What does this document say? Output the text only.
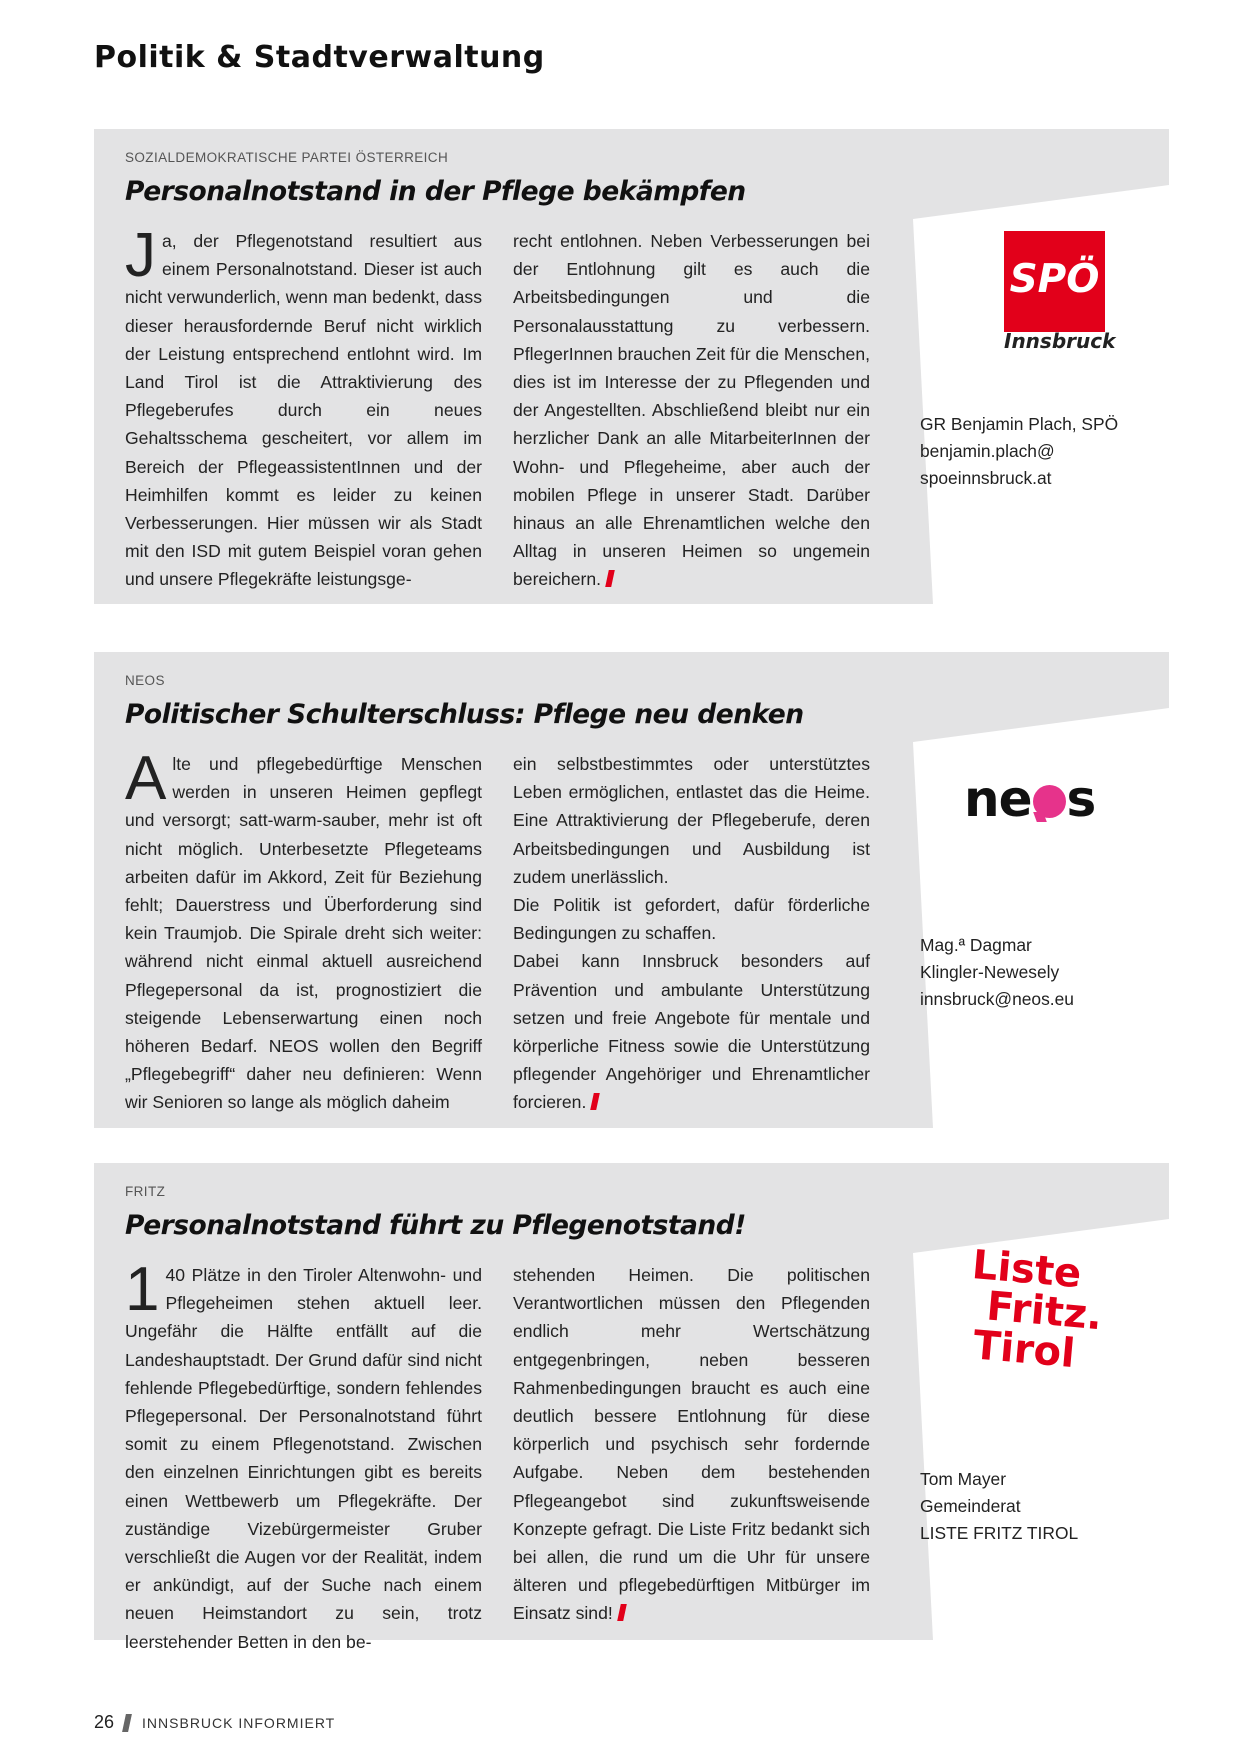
Politik & Stadtverwaltung
SOZIALDEMOKRATISCHE PARTEI ÖSTERREICH
Personalnotstand in der Pflege bekämpfen
Ja, der Pflegenotstand resultiert aus einem Personalnotstand. Dieser ist auch nicht verwunderlich, wenn man bedenkt, dass dieser herausfordernde Beruf nicht wirklich der Leistung entsprechend entlohnt wird. Im Land Tirol ist die Attraktivierung des Pflegeberufes durch ein neues Gehaltsschema gescheitert, vor allem im Bereich der PflegeassistentInnen und der Heimhilfen kommt es leider zu keinen Verbesserungen. Hier müssen wir als Stadt mit den ISD mit gutem Beispiel voran gehen und unsere Pflegekräfte leistungsge-
recht entlohnen. Neben Verbesserungen bei der Entlohnung gilt es auch die Arbeitsbedingungen und die Personalausstattung zu verbessern. PflegerInnen brauchen Zeit für die Menschen, dies ist im Interesse der zu Pflegenden und der Angestellten. Abschließend bleibt nur ein herzlicher Dank an alle MitarbeiterInnen der Wohn- und Pflegeheime, aber auch der mobilen Pflege in unserer Stadt. Darüber hinaus an alle Ehrenamtlichen welche den Alltag in unseren Heimen so ungemein bereichern.
SPÖ
Innsbruck
GR Benjamin Plach, SPÖ
benjamin.plach@
spoeinnsbruck.at
NEOS
Politischer Schulterschluss: Pflege neu denken
Alte und pflegebedürftige Menschen werden in unseren Heimen gepflegt und versorgt; satt-warm-sauber, mehr ist oft nicht möglich. Unterbesetzte Pflegeteams arbeiten dafür im Akkord, Zeit für Beziehung fehlt; Dauerstress und Überforderung sind kein Traumjob. Die Spirale dreht sich weiter: während nicht einmal aktuell ausreichend Pflegepersonal da ist, prognostiziert die steigende Lebenserwartung einen noch höheren Bedarf. NEOS wollen den Begriff „Pflegebegriff“ daher neu definieren: Wenn wir Senioren so lange als möglich daheim
ein selbstbestimmtes oder unterstütztes Leben ermöglichen, entlastet das die Heime. Eine Attraktivierung der Pflegeberufe, deren Arbeitsbedingungen und Ausbildung ist zudem unerlässlich.
Die Politik ist gefordert, dafür förderliche Bedingungen zu schaffen.
Dabei kann Innsbruck besonders auf Prävention und ambulante Unterstützung setzen und freie Angebote für mentale und körperliche Fitness sowie die Unterstützung pflegender Angehöriger und Ehrenamtlicher forcieren.
ne s
Mag.ª Dagmar
Klingler-Newesely
innsbruck@neos.eu
FRITZ
Personalnotstand führt zu Pflegenotstand!
1 40 Plätze in den Tiroler Altenwohn- und Pflegeheimen stehen aktuell leer. Ungefähr die Hälfte entfällt auf die Landeshauptstadt. Der Grund dafür sind nicht fehlende Pflegebedürftige, sondern fehlendes Pflegepersonal. Der Personalnotstand führt somit zu einem Pflegenotstand. Zwischen den einzelnen Einrichtungen gibt es bereits einen Wettbewerb um Pflegekräfte. Der zuständige Vizebürgermeister Gruber verschließt die Augen vor der Realität, indem er ankündigt, auf der Suche nach einem neuen Heimstandort zu sein, trotz leerstehender Betten in den be-
stehenden Heimen. Die politischen Verantwortlichen müssen den Pflegenden endlich mehr Wertschätzung entgegenbringen, neben besseren Rahmenbedingungen braucht es auch eine deutlich bessere Entlohnung für diese körperlich und psychisch sehr fordernde Aufgabe. Neben dem bestehenden Pflegeangebot sind zukunftsweisende Konzepte gefragt. Die Liste Fritz bedankt sich bei allen, die rund um die Uhr für unsere älteren und pflegebedürftigen Mitbürger im Einsatz sind!
Liste
Fritz.
Tirol
Tom Mayer
Gemeinderat
LISTE FRITZ TIROL
26 INNSBRUCK INFORMIERT
